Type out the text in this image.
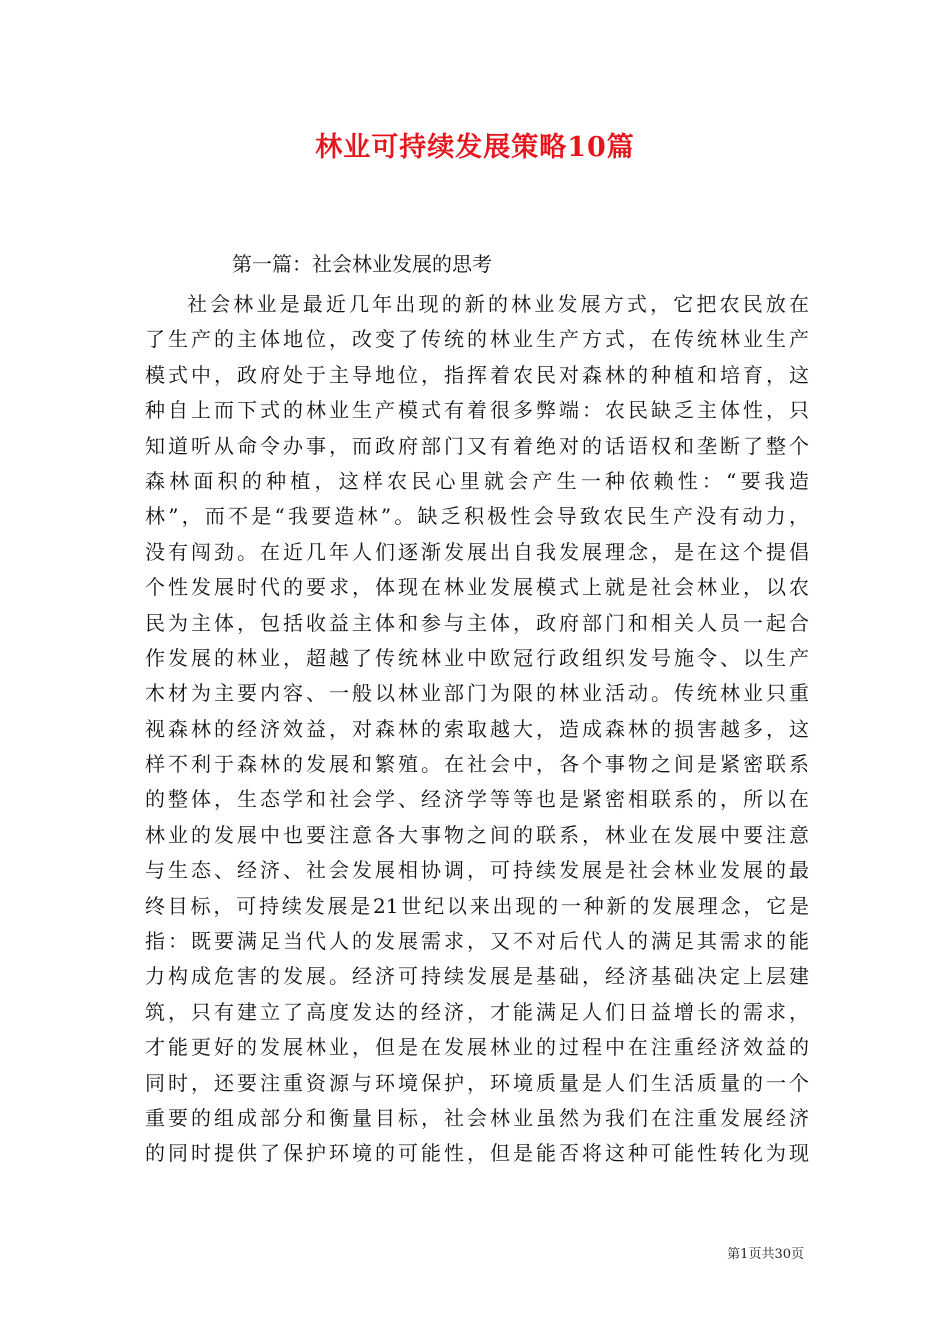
林业可持续发展策略10篇

第一篇：社会林业发展的思考

社会林业是最近几年出现的新的林业发展方式，它把农民放在
了生产的主体地位，改变了传统的林业生产方式，在传统林业生产
模式中，政府处于主导地位，指挥着农民对森林的种植和培育，这
种自上而下式的林业生产模式有着很多弊端：农民缺乏主体性，只
知道听从命令办事，而政府部门又有着绝对的话语权和垄断了整个
森林面积的种植，这样农民心里就会产生一种依赖性：“要我造
林”，而不是“我要造林”。缺乏积极性会导致农民生产没有动力，
没有闯劲。在近几年人们逐渐发展出自我发展理念，是在这个提倡
个性发展时代的要求，体现在林业发展模式上就是社会林业，以农
民为主体，包括收益主体和参与主体，政府部门和相关人员一起合
作发展的林业，超越了传统林业中欧冠行政组织发号施令、以生产
木材为主要内容、一般以林业部门为限的林业活动。传统林业只重
视森林的经济效益，对森林的索取越大，造成森林的损害越多，这
样不利于森林的发展和繁殖。在社会中，各个事物之间是紧密联系
的整体，生态学和社会学、经济学等等也是紧密相联系的，所以在
林业的发展中也要注意各大事物之间的联系，林业在发展中要注意
与生态、经济、社会发展相协调，可持续发展是社会林业发展的最
终目标，可持续发展是21世纪以来出现的一种新的发展理念，它是
指：既要满足当代人的发展需求，又不对后代人的满足其需求的能
力构成危害的发展。经济可持续发展是基础，经济基础决定上层建
筑，只有建立了高度发达的经济，才能满足人们日益增长的需求，
才能更好的发展林业，但是在发展林业的过程中在注重经济效益的
同时，还要注重资源与环境保护，环境质量是人们生活质量的一个
重要的组成部分和衡量目标，社会林业虽然为我们在注重发展经济
的同时提供了保护环境的可能性，但是能否将这种可能性转化为现
第1页共30页
